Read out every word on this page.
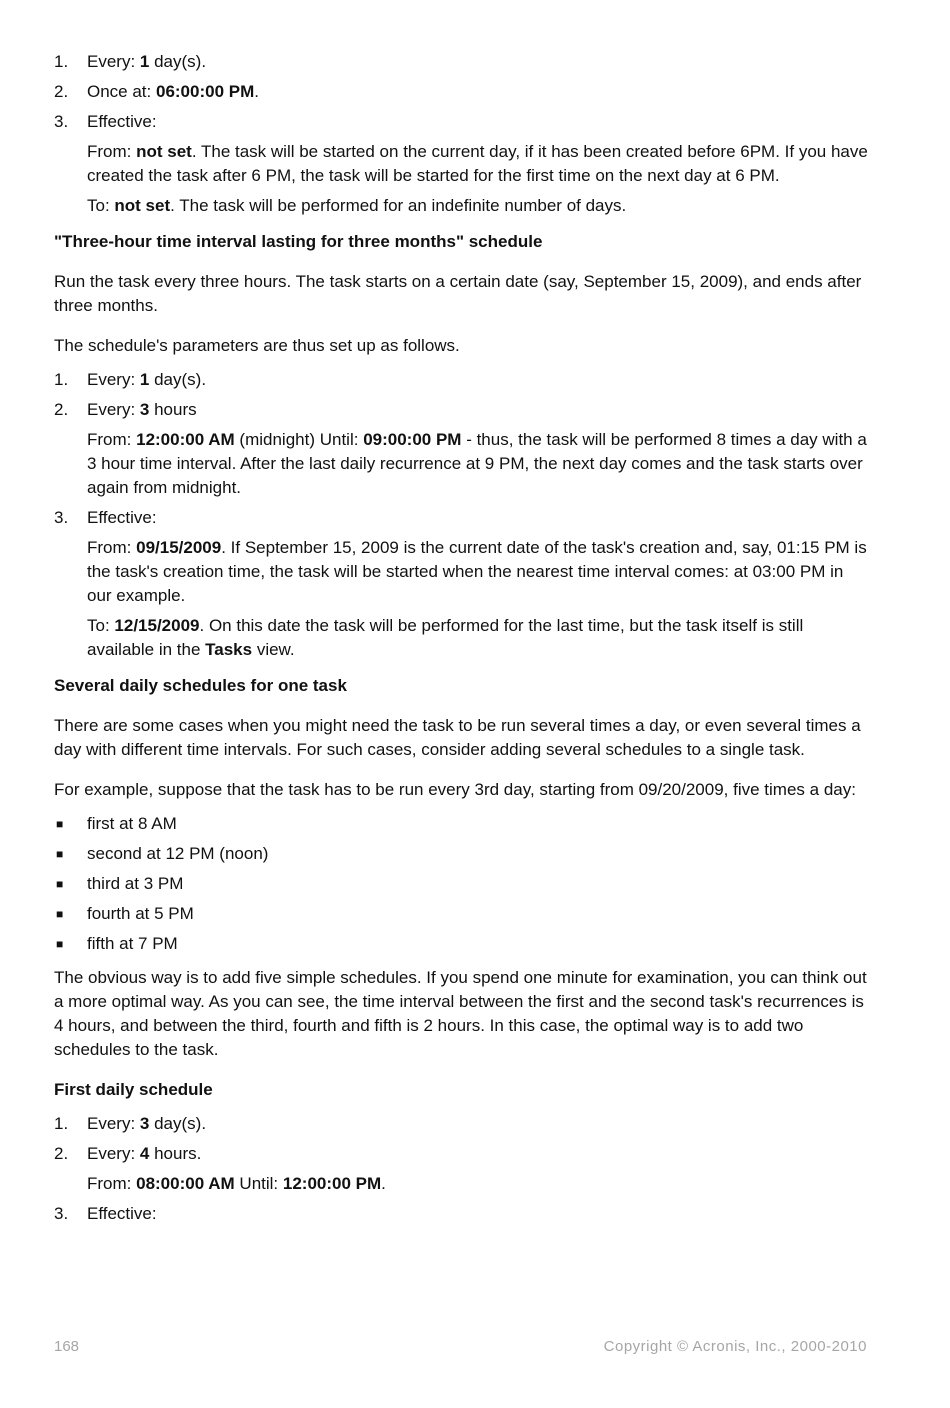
1.	Every: 1 day(s).
2.	Once at: 06:00:00 PM.
3.	Effective:
From: not set. The task will be started on the current day, if it has been created before 6PM. If you have created the task after 6 PM, the task will be started for the first time on the next day at 6 PM.
To: not set. The task will be performed for an indefinite number of days.
"Three-hour time interval lasting for three months" schedule
Run the task every three hours. The task starts on a certain date (say, September 15, 2009), and ends after three months.
The schedule's parameters are thus set up as follows.
1.	Every: 1 day(s).
2.	Every: 3 hours
From: 12:00:00 AM (midnight) Until: 09:00:00 PM - thus, the task will be performed 8 times a day with a 3 hour time interval. After the last daily recurrence at 9 PM, the next day comes and the task starts over again from midnight.
3.	Effective:
From: 09/15/2009. If September 15, 2009 is the current date of the task's creation and, say, 01:15 PM is the task's creation time, the task will be started when the nearest time interval comes: at 03:00 PM in our example.
To: 12/15/2009. On this date the task will be performed for the last time, but the task itself is still available in the Tasks view.
Several daily schedules for one task
There are some cases when you might need the task to be run several times a day, or even several times a day with different time intervals. For such cases, consider adding several schedules to a single task.
For example, suppose that the task has to be run every 3rd day, starting from 09/20/2009, five times a day:
■ first at 8 AM
■ second at 12 PM (noon)
■ third at 3 PM
■ fourth at 5 PM
■ fifth at 7 PM
The obvious way is to add five simple schedules. If you spend one minute for examination, you can think out a more optimal way. As you can see, the time interval between the first and the second task's recurrences is 4 hours, and between the third, fourth and fifth is 2 hours. In this case, the optimal way is to add two schedules to the task.
First daily schedule
1.	Every: 3 day(s).
2.	Every: 4 hours.
From: 08:00:00 AM Until: 12:00:00 PM.
3.	Effective:
168	Copyright © Acronis, Inc., 2000-2010
